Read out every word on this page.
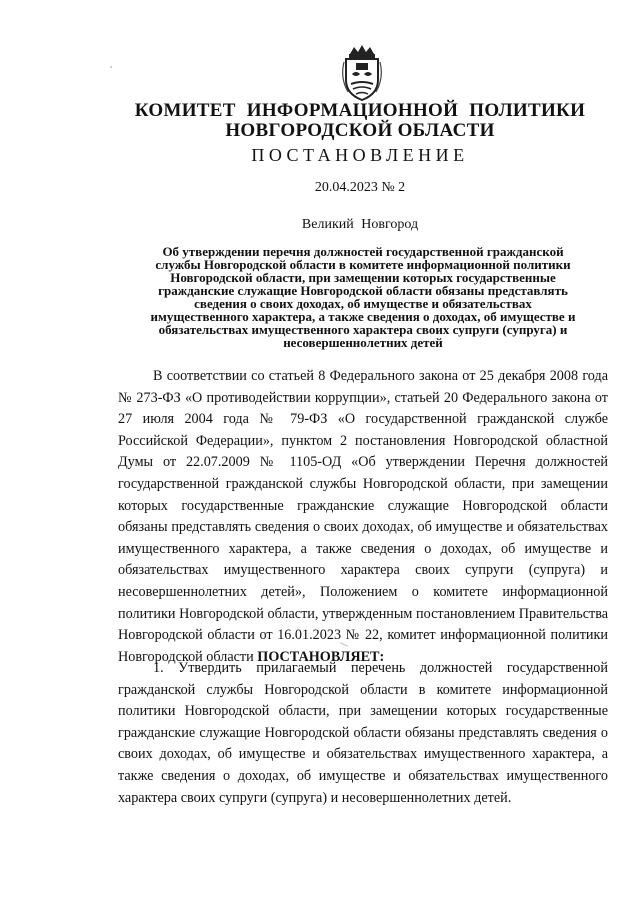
КОМИТЕТ ИНФОРМАЦИОННОЙ ПОЛИТИКИ
НОВГОРОДСКОЙ ОБЛАСТИ
ПОСТАНОВЛЕНИЕ
20.04.2023 № 2
Великий Новгород
Об утверждении перечня должностей государственной гражданской
службы Новгородской области в комитете информационной политики
Новгородской области, при замещении которых государственные
гражданские служащие Новгородской области обязаны представлять
сведения о своих доходах, об имуществе и обязательствах
имущественного характера, а также сведения о доходах, об имуществе и
обязательствах имущественного характера своих супруги (супруга) и
несовершеннолетних детей

В соответствии со статьей 8 Федерального закона от 25 декабря 2008 года № 273-ФЗ «О противодействии коррупции», статьей 20 Федерального закона от 27 июля 2004 года № 79-ФЗ «О государственной гражданской службе Российской Федерации», пунктом 2 постановления Новгородской областной Думы от 22.07.2009 № 1105-ОД «Об утверждении Перечня должностей государственной гражданской службы Новгородской области, при замещении которых государственные гражданские служащие Новгородской области обязаны представлять сведения о своих доходах, об имуществе и обязательствах имущественного характера, а также сведения о доходах, об имуществе и обязательствах имущественного характера своих супруги (супруга) и несовершеннолетних детей», Положением о комитете информационной политики Новгородской области, утвержденным постановлением Правительства Новгородской области от 16.01.2023 № 22, комитет информационной политики Новгородской области ПОСТАНОВЛЯЕТ:

1. Утвердить прилагаемый перечень должностей государственной гражданской службы Новгородской области в комитете информационной политики Новгородской области, при замещении которых государственные гражданские служащие Новгородской области обязаны представлять сведения о своих доходах, об имуществе и обязательствах имущественного характера, а также сведения о доходах, об имуществе и обязательствах имущественного характера своих супруги (супруга) и несовершеннолетних детей.
